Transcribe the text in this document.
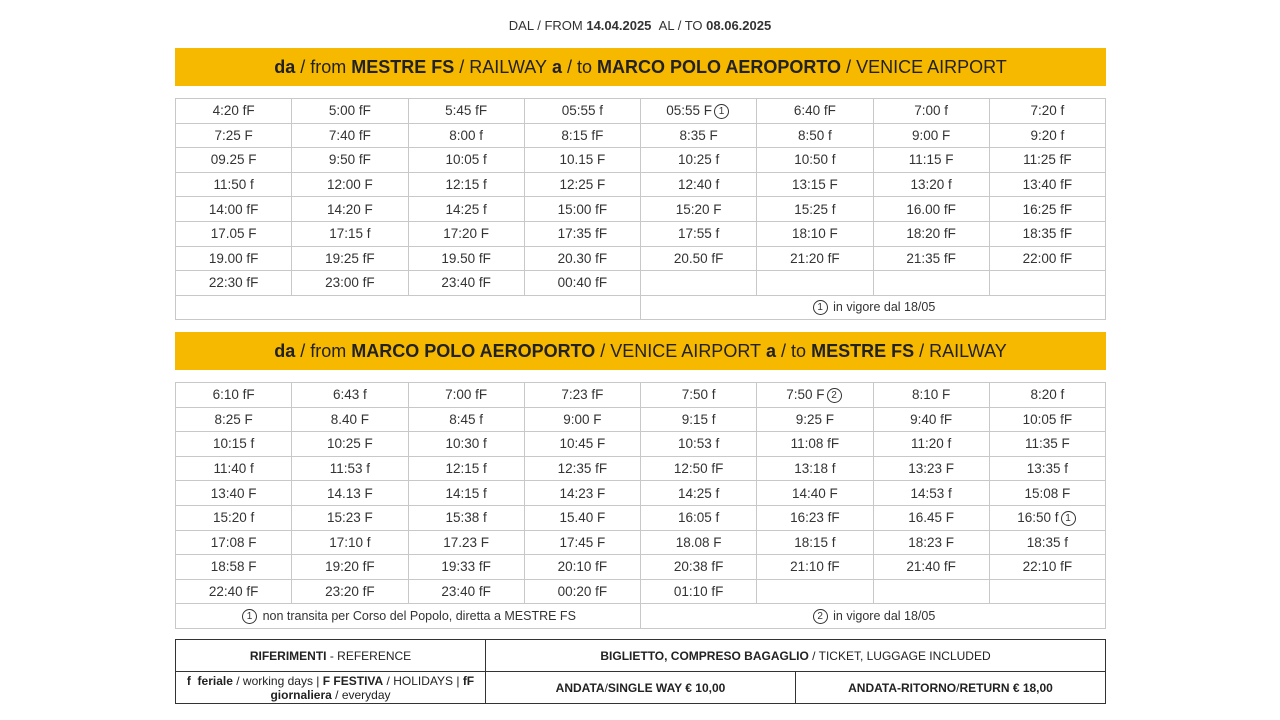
DAL / FROM 14.04.2025 AL / TO 08.06.2025
da / from
MESTRE FS / RAILWAY
a / to
MARCO POLO AEROPORTO / VENICE AIRPORT
4:20 fF	5:00 fF	5:45 fF	05:55 f	05:55 F 1	6:40 fF	7:00 f	7:20 f
7:25 F	7:40 fF	8:00 f	8:15 fF	8:35 F	8:50 f	9:00 F	9:20 f
09.25 F	9:50 fF	10:05 f	10.15 F	10:25 f	10:50 f	11:15 F	11:25 fF
11:50 f	12:00 F	12:15 f	12:25 F	12:40 f	13:15 F	13:20 f	13:40 fF
14:00 fF	14:20 F	14:25 f	15:00 fF	15:20 F	15:25 f	16.00 fF	16:25 fF
17.05 F	17:15 f	17:20 F	17:35 fF	17:55 f	18:10 F	18:20 fF	18:35 fF
19.00 fF	19:25 fF	19.50 fF	20.30 fF	20.50 fF	21:20 fF	21:35 fF	22:00 fF
22:30 fF	23:00 fF	23:40 fF	00:40 fF				
				1 in vigore dal 18/05			
da / from
MARCO POLO AEROPORTO / VENICE AIRPORT
a / to
MESTRE FS / RAILWAY
6:10 fF	6:43 f	7:00 fF	7:23 fF	7:50 f	7:50 F 2	8:10 F	8:20 f
8:25 F	8.40 F	8:45 f	9:00 F	9:15 f	9:25 F	9:40 fF	10:05 fF
10:15 f	10:25 F	10:30 f	10:45 F	10:53 f	11:08 fF	11:20 f	11:35 F
11:40 f	11:53 f	12:15 f	12:35 fF	12:50 fF	13:18 f	13:23 F	13:35 f
13:40 F	14.13 F	14:15 f	14:23 F	14:25 f	14:40 F	14:53 f	15:08 F
15:20 f	15:23 F	15:38 f	15.40 F	16:05 f	16:23 fF	16.45 F	16:50 f 1
17:08 F	17:10 f	17.23 F	17:45 F	18.08 F	18:15 f	18:23 F	18:35 f
18:58 F	19:20 fF	19:33 fF	20:10 fF	20:38 fF	21:10 fF	21:40 fF	22:10 fF
22:40 fF	23:20 fF	23:40 fF	00:20 fF	01:10 fF			
1 non transita per Corso del Popolo, diretta a MESTRE FS				2 in vigore dal 18/05			
RIFERIMENTI - REFERENCE	BIGLIETTO, COMPRESO BAGAGLIO / TICKET, LUGGAGE INCLUDED	
f feriale / working days | F FESTIVA / HOLIDAYS | fF giornaliera / everyday	ANDATA/SINGLE WAY € 10,00	ANDATA-RITORNO/RETURN € 18,00
